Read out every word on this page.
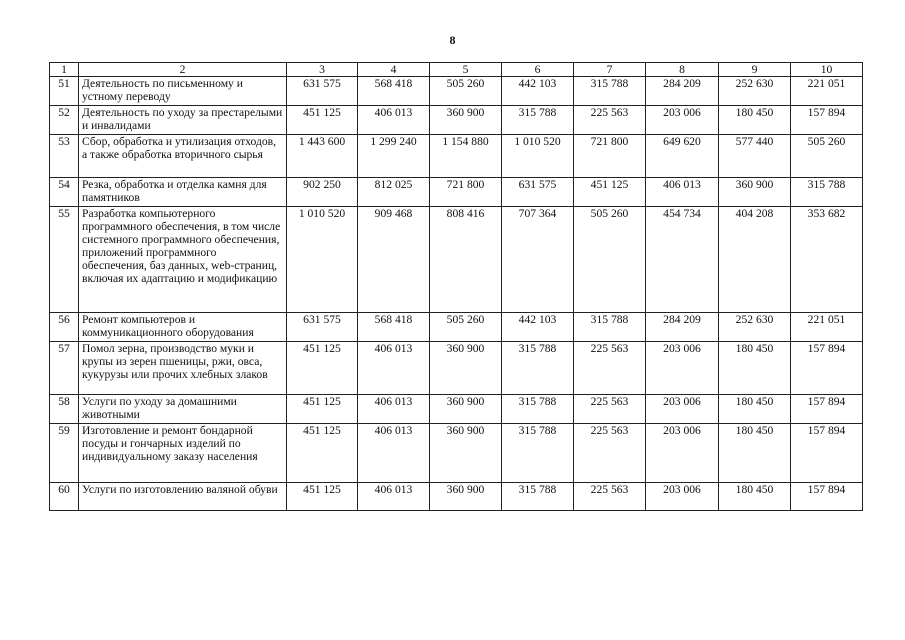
8
1	2	3	4	5	6	7	8	9	10
51	Деятельность по письменному и устному переводу	631 575	568 418	505 260	442 103	315 788	284 209	252 630	221 051
52	Деятельность по уходу за престарелыми и инвалидами	451 125	406 013	360 900	315 788	225 563	203 006	180 450	157 894
53	Сбор, обработка и утилизация отходов, а также обработка вторичного сырья	1 443 600	1 299 240	1 154 880	1 010 520	721 800	649 620	577 440	505 260
54	Резка, обработка и отделка камня для памятников	902 250	812 025	721 800	631 575	451 125	406 013	360 900	315 788
55	Разработка компьютерного программного обеспечения, в том числе системного программного обеспечения, приложений программного обеспечения, баз данных, web-страниц, включая их адаптацию и модификацию	1 010 520	909 468	808 416	707 364	505 260	454 734	404 208	353 682
56	Ремонт компьютеров и коммуникационного оборудования	631 575	568 418	505 260	442 103	315 788	284 209	252 630	221 051
57	Помол зерна, производство муки и крупы из зерен пшеницы, ржи, овса, кукурузы или прочих хлебных злаков	451 125	406 013	360 900	315 788	225 563	203 006	180 450	157 894
58	Услуги по уходу за домашними животными	451 125	406 013	360 900	315 788	225 563	203 006	180 450	157 894
59	Изготовление и ремонт бондарной посуды и гончарных изделий по индивидуальному заказу населения	451 125	406 013	360 900	315 788	225 563	203 006	180 450	157 894
60	Услуги по изготовлению валяной обуви	451 125	406 013	360 900	315 788	225 563	203 006	180 450	157 894
